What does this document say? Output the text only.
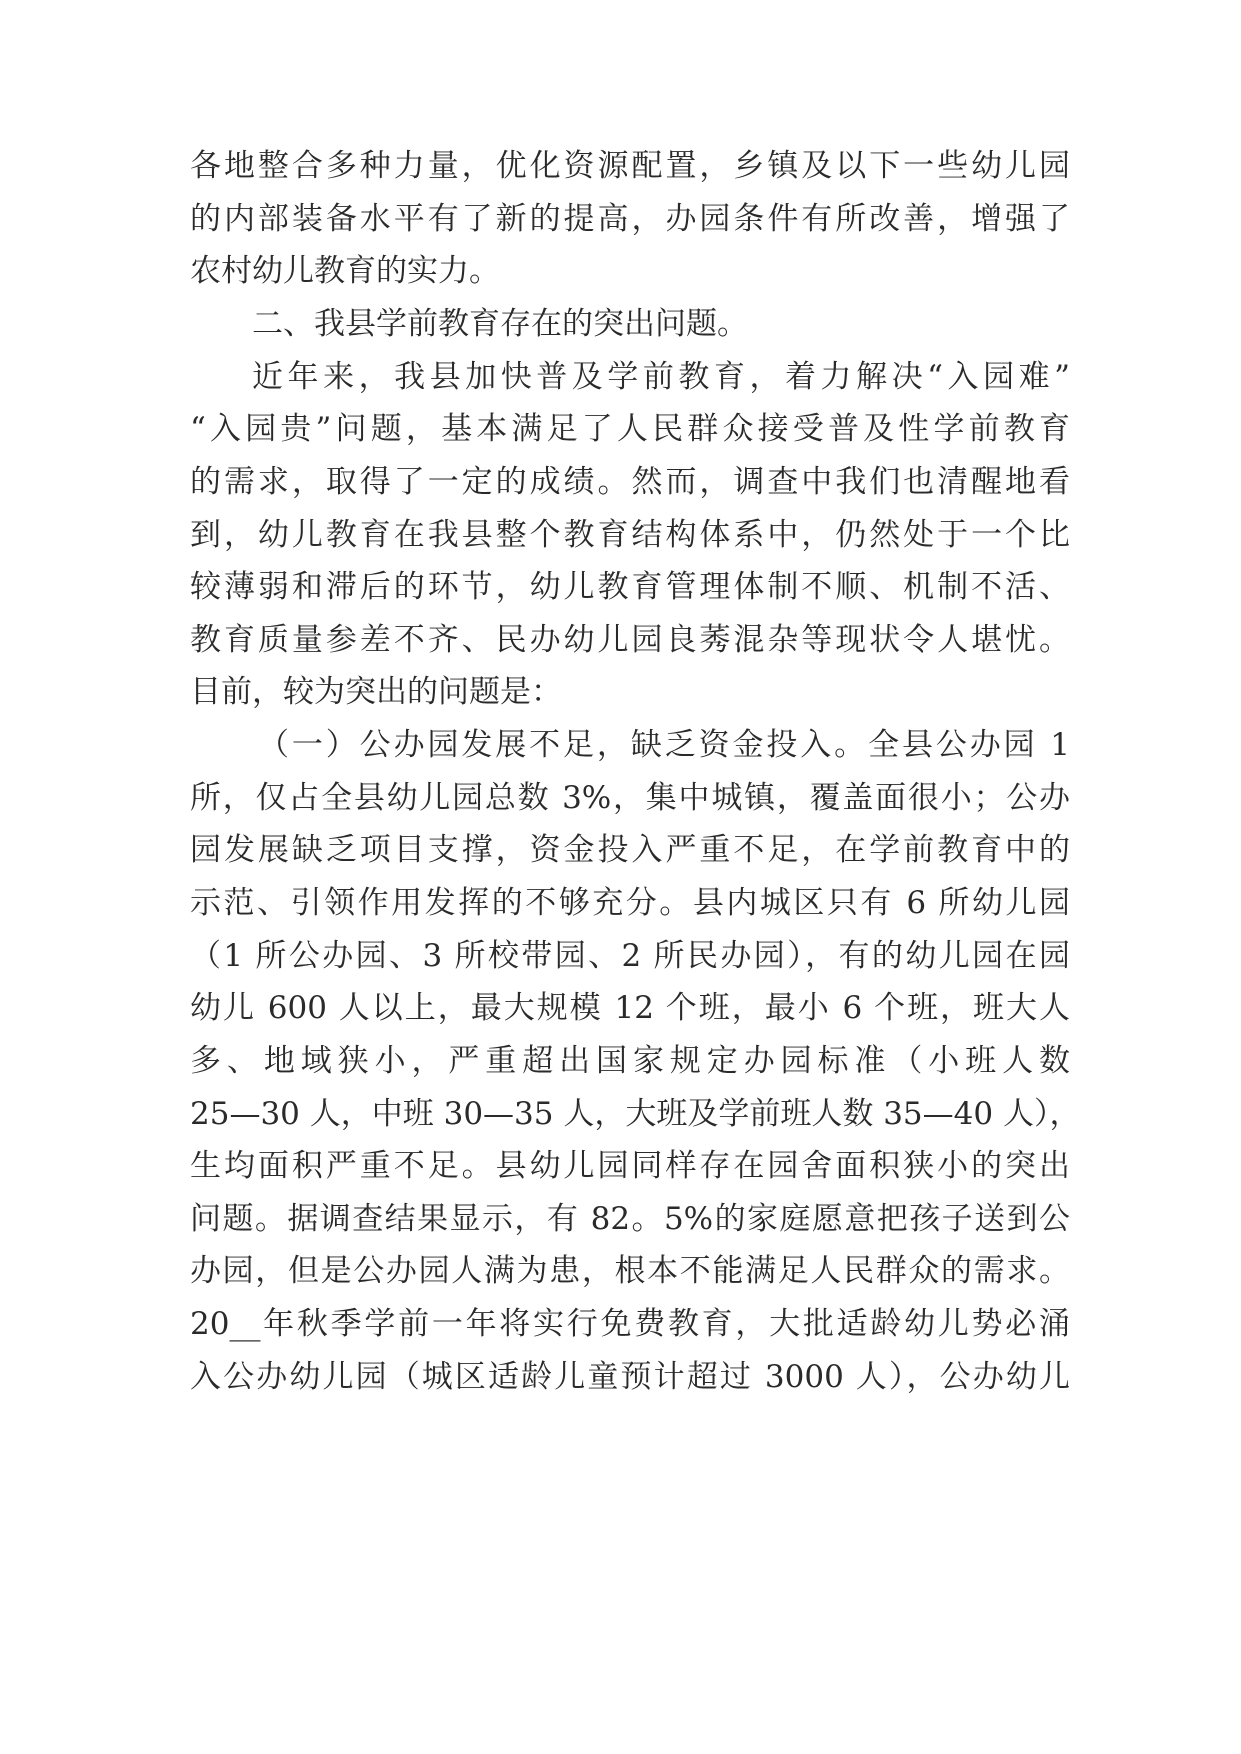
各地整合多种力量，优化资源配置，乡镇及以下一些幼儿园
的内部装备水平有了新的提高，办园条件有所改善，增强了
农村幼儿教育的实力。
二、我县学前教育存在的突出问题。
近年来，我县加快普及学前教育，着力解决“入园难”
“入园贵”问题，基本满足了人民群众接受普及性学前教育
的需求，取得了一定的成绩。然而，调查中我们也清醒地看
到，幼儿教育在我县整个教育结构体系中，仍然处于一个比
较薄弱和滞后的环节，幼儿教育管理体制不顺、机制不活、
教育质量参差不齐、民办幼儿园良莠混杂等现状令人堪忧。
目前，较为突出的问题是：
（一）公办园发展不足，缺乏资金投入。全县公办园 1
所，仅占全县幼儿园总数 3%，集中城镇，覆盖面很小；公办
园发展缺乏项目支撑，资金投入严重不足，在学前教育中的
示范、引领作用发挥的不够充分。县内城区只有 6 所幼儿园
（1 所公办园、3 所校带园、2 所民办园），有的幼儿园在园
幼儿 600 人以上，最大规模 12 个班，最小 6 个班，班大人
多、地域狭小，严重超出国家规定办园标准（小班人数
25—30 人，中班 30—35 人，大班及学前班人数 35—40 人），
生均面积严重不足。县幼儿园同样存在园舍面积狭小的突出
问题。据调查结果显示，有 82。5%的家庭愿意把孩子送到公
办园，但是公办园人满为患，根本不能满足人民群众的需求。
20__年秋季学前一年将实行免费教育，大批适龄幼儿势必涌
入公办幼儿园（城区适龄儿童预计超过 3000 人），公办幼儿
